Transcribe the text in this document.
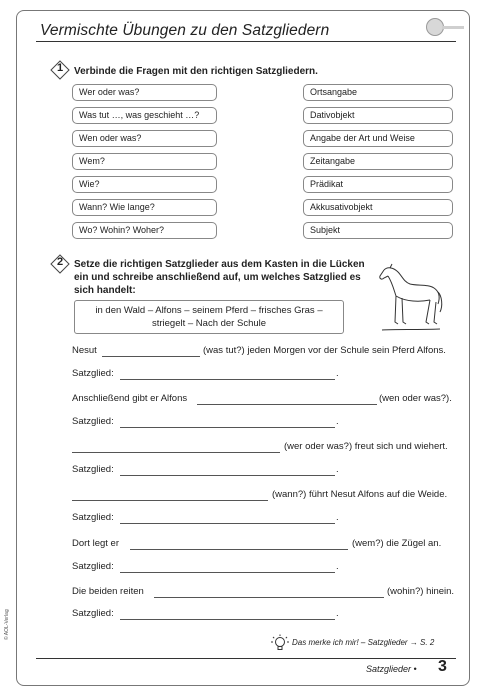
Vermischte Übungen zu den Satzgliedern
1	Verbinde die Fragen mit den richtigen Satzgliedern.
Wer oder was?
Was tut …, was geschieht …?
Wen oder was?
Wem?
Wie?
Wann? Wie lange?
Wo? Wohin? Woher?
Ortsangabe
Dativobjekt
Angabe der Art und Weise
Zeitangabe
Prädikat
Akkusativobjekt
Subjekt
2	Setze die richtigen Satzglieder aus dem Kasten in die Lücken
ein und schreibe anschließend auf, um welches Satzglied es
sich handelt:
in den Wald – Alfons – seinem Pferd – frisches Gras –
striegelt – Nach der Schule
Nesut	(was tut?) jeden Morgen vor der Schule sein Pferd Alfons.
Satzglied:	.
Anschließend gibt er Alfons	(wen oder was?).
Satzglied:	.
(wer oder was?) freut sich und wiehert.
Satzglied:	.
(wann?) führt Nesut Alfons auf die Weide.
Satzglied:	.
Dort legt er	(wem?) die Zügel an.
Satzglied:	.
Die beiden reiten	(wohin?) hinein.
Satzglied:	.
© AOL-Verlag
Das merke ich mir! – Satzglieder → S. 2
Satzglieder • 3
